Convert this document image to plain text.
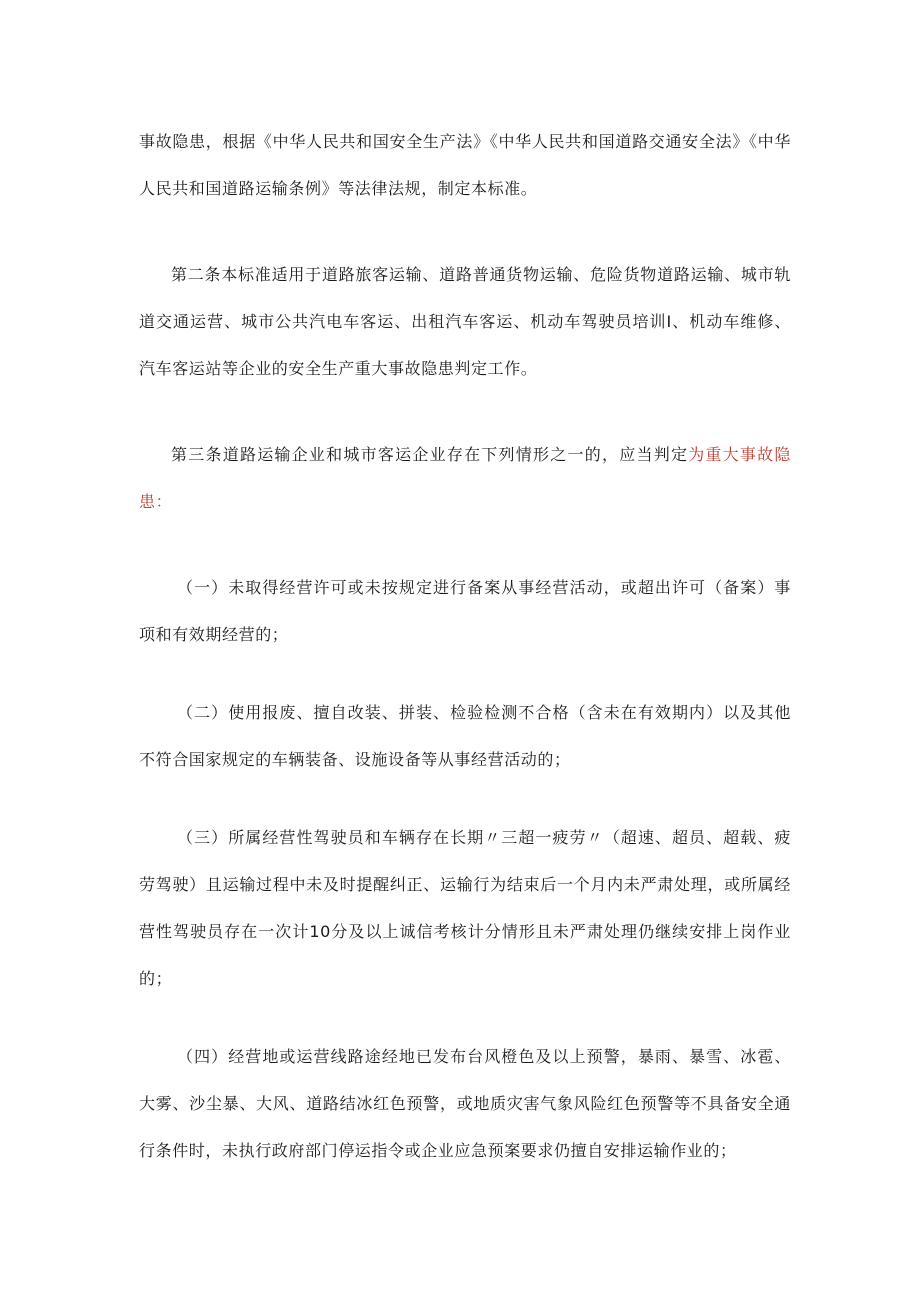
事故隐患，根据《中华人民共和国安全生产法》《中华人民共和国道路交通安全法》《中华人民共和国道路运输条例》等法律法规，制定本标准。

第二条本标准适用于道路旅客运输、道路普通货物运输、危险货物道路运输、城市轨道交通运营、城市公共汽电车客运、出租汽车客运、机动车驾驶员培训Ⅰ、机动车维修、汽车客运站等企业的安全生产重大事故隐患判定工作。

第三条道路运输企业和城市客运企业存在下列情形之一的，应当判定为重大事故隐患：

（一）未取得经营许可或未按规定进行备案从事经营活动，或超出许可（备案）事项和有效期经营的；

（二）使用报废、擅自改装、拼装、检验检测不合格（含未在有效期内）以及其他不符合国家规定的车辆装备、设施设备等从事经营活动的；

（三）所属经营性驾驶员和车辆存在长期〃三超一疲劳〃（超速、超员、超载、疲劳驾驶）且运输过程中未及时提醒纠正、运输行为结束后一个月内未严肃处理，或所属经营性驾驶员存在一次计10分及以上诚信考核计分情形且未严肃处理仍继续安排上岗作业的；

（四）经营地或运营线路途经地已发布台风橙色及以上预警，暴雨、暴雪、冰雹、大雾、沙尘暴、大风、道路结冰红色预警，或地质灾害气象风险红色预警等不具备安全通行条件时，未执行政府部门停运指令或企业应急预案要求仍擅自安排运输作业的；
